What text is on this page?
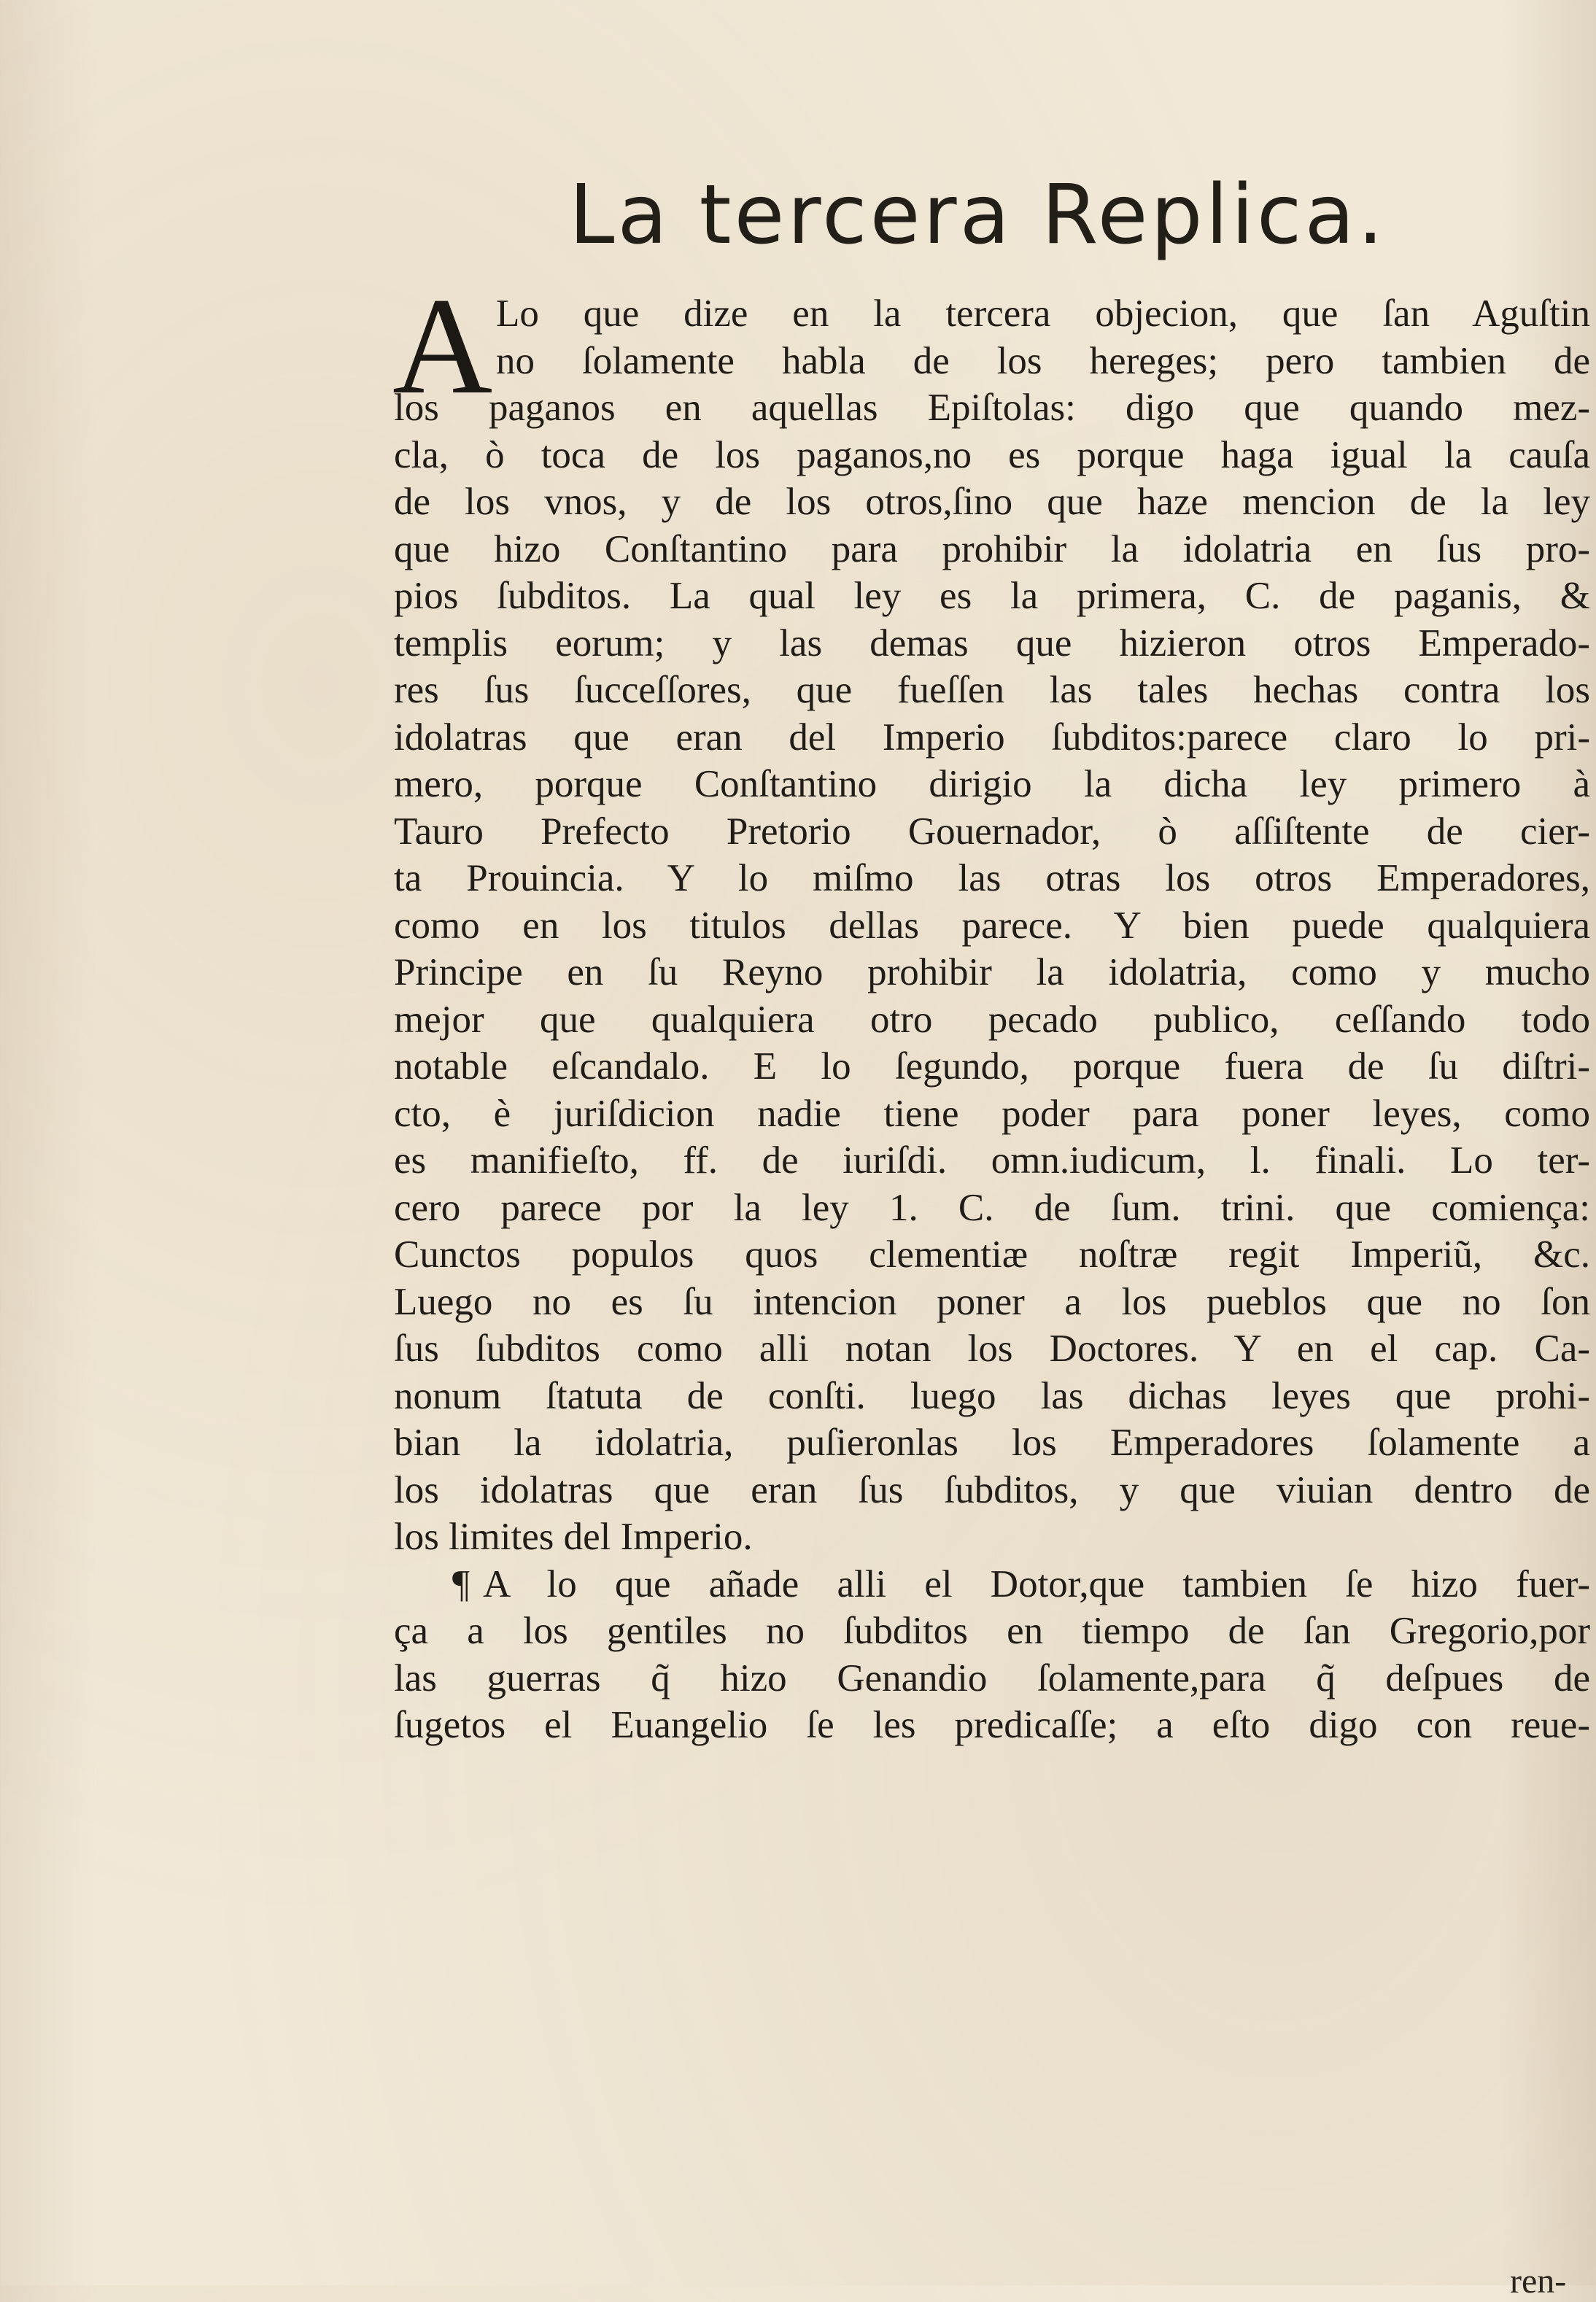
La tercera Replica.
A Lo que dize en la tercera objecion, que ſan Aguſtin
no ſolamente habla de los hereges; pero tambien de
los paganos en aquellas Epiſtolas: digo que quando mez-
cla, ò toca de los paganos,no es porque haga igual la cauſa
de los vnos, y de los otros,ſino que haze mencion de la ley
que hizo Conſtantino para prohibir la idolatria en ſus pro-
pios ſubditos. La qual ley es la primera, C. de paganis, &
templis eorum; y las demas que hizieron otros Emperado-
res ſus ſucceſſores, que fueſſen las tales hechas contra los
idolatras que eran del Imperio ſubditos:parece claro lo pri-
mero, porque Conſtantino dirigio la dicha ley primero à
Tauro Prefecto Pretorio Gouernador, ò aſſiſtente de cier-
ta Prouincia. Y lo miſmo las otras los otros Emperadores,
como en los titulos dellas parece. Y bien puede qualquiera
Principe en ſu Reyno prohibir la idolatria, como y mucho
mejor que qualquiera otro pecado publico, ceſſando todo
notable eſcandalo. E lo ſegundo, porque fuera de ſu diſtri-
cto, è juriſdicion nadie tiene poder para poner leyes, como
es manifieſto, ff. de iuriſdi. omn.iudicum, l. finali. Lo ter-
cero parece por la ley 1. C. de ſum. trini. que comiença:
Cunctos populos quos clementiæ noſtræ regit Imperiũ, &c.
Luego no es ſu intencion poner a los pueblos que no ſon
ſus ſubditos como alli notan los Doctores. Y en el cap. Ca-
nonum ſtatuta de conſti. luego las dichas leyes que prohi-
bian la idolatria, puſieronlas los Emperadores ſolamente a
los idolatras que eran ſus ſubditos, y que viuian dentro de
los limites del Imperio.
¶ A lo que añade alli el Dotor,que tambien ſe hizo fuer-
ça a los gentiles no ſubditos en tiempo de ſan Gregorio,por
las guerras q̃ hizo Genandio ſolamente,para q̃ deſpues de
ſugetos el Euangelio ſe les predicaſſe; a eſto digo con reue-
ren-
